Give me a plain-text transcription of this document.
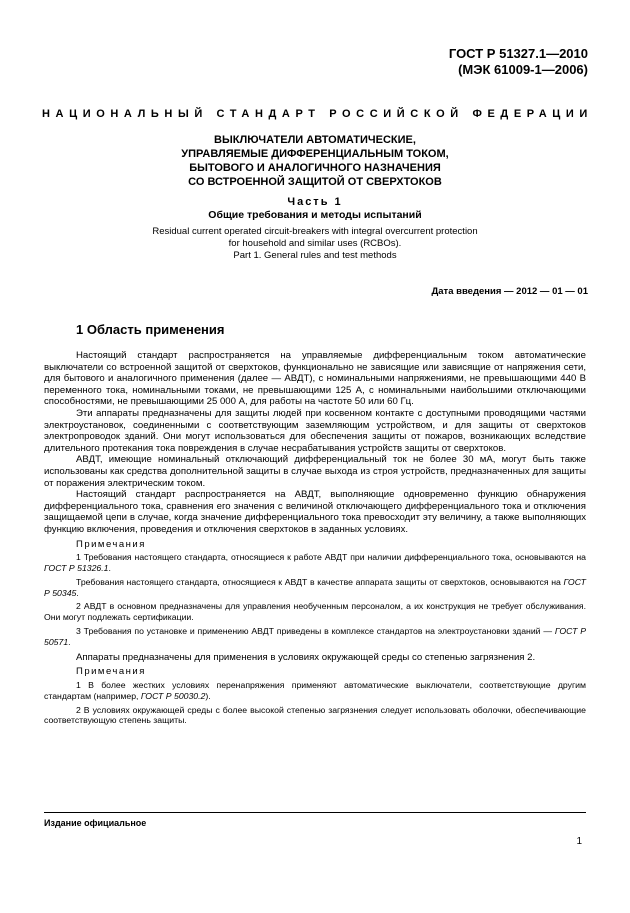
ГОСТ Р 51327.1—2010
(МЭК 61009-1—2006)
НАЦИОНАЛЬНЫЙ СТАНДАРТ РОССИЙСКОЙ ФЕДЕРАЦИИ
ВЫКЛЮЧАТЕЛИ АВТОМАТИЧЕСКИЕ,
УПРАВЛЯЕМЫЕ ДИФФЕРЕНЦИАЛЬНЫМ ТОКОМ,
БЫТОВОГО И АНАЛОГИЧНОГО НАЗНАЧЕНИЯ
СО ВСТРОЕННОЙ ЗАЩИТОЙ ОТ СВЕРХТОКОВ
Часть 1
Общие требования и методы испытаний
Residual current operated circuit-breakers with integral overcurrent protection
for household and similar uses (RCBOs).
Part 1. General rules and test methods
Дата введения — 2012 — 01 — 01
1 Область применения

Настоящий стандарт распространяется на управляемые дифференциальным током автоматические выключатели со встроенной защитой от сверхтоков, функционально не зависящие или зависящие от напряжения сети, для бытового и аналогичного применения (далее — АВДТ), с номинальными напряжениями, не превышающими 440 В переменного тока, номинальными токами, не превышающими 125 А, с номинальными наибольшими отключающими способностями, не превышающими 25 000 А, для работы на частоте 50 или 60 Гц.

Эти аппараты предназначены для защиты людей при косвенном контакте с доступными проводящими частями электроустановок, соединенными с соответствующим заземляющим устройством, и для защиты от сверхтоков электропроводок зданий. Они могут использоваться для обеспечения защиты от пожаров, возникающих вследствие длительного протекания тока повреждения в случае несрабатывания устройств защиты от сверхтоков.

АВДТ, имеющие номинальный отключающий дифференциальный ток не более 30 мА, могут быть также использованы как средства дополнительной защиты в случае выхода из строя устройств, предназначенных для защиты от поражения электрическим током.

Настоящий стандарт распространяется на АВДТ, выполняющие одновременно функцию обнаружения дифференциального тока, сравнения его значения с величиной отключающего дифференциального тока и отключения защищаемой цепи в случае, когда значение дифференциального тока превосходит эту величину, а также выполняющих функцию включения, проведения и отключения сверхтоков в заданных условиях.

Примечания

1 Требования настоящего стандарта, относящиеся к работе АВДТ при наличии дифференциального тока, основываются на ГОСТ Р 51326.1.

Требования настоящего стандарта, относящиеся к АВДТ в качестве аппарата защиты от сверхтоков, основываются на ГОСТ Р 50345.

2 АВДТ в основном предназначены для управления необученным персоналом, а их конструкция не требует обслуживания. Они могут подлежать сертификации.

3 Требования по установке и применению АВДТ приведены в комплексе стандартов на электроустановки зданий — ГОСТ Р 50571.

Аппараты предназначены для применения в условиях окружающей среды со степенью загрязнения 2.

Примечания

1 В более жестких условиях перенапряжения применяют автоматические выключатели, соответствующие другим стандартам (например, ГОСТ Р 50030.2).

2 В условиях окружающей среды с более высокой степенью загрязнения следует использовать оболочки, обеспечивающие соответствующую степень защиты.

Издание официальное
1
